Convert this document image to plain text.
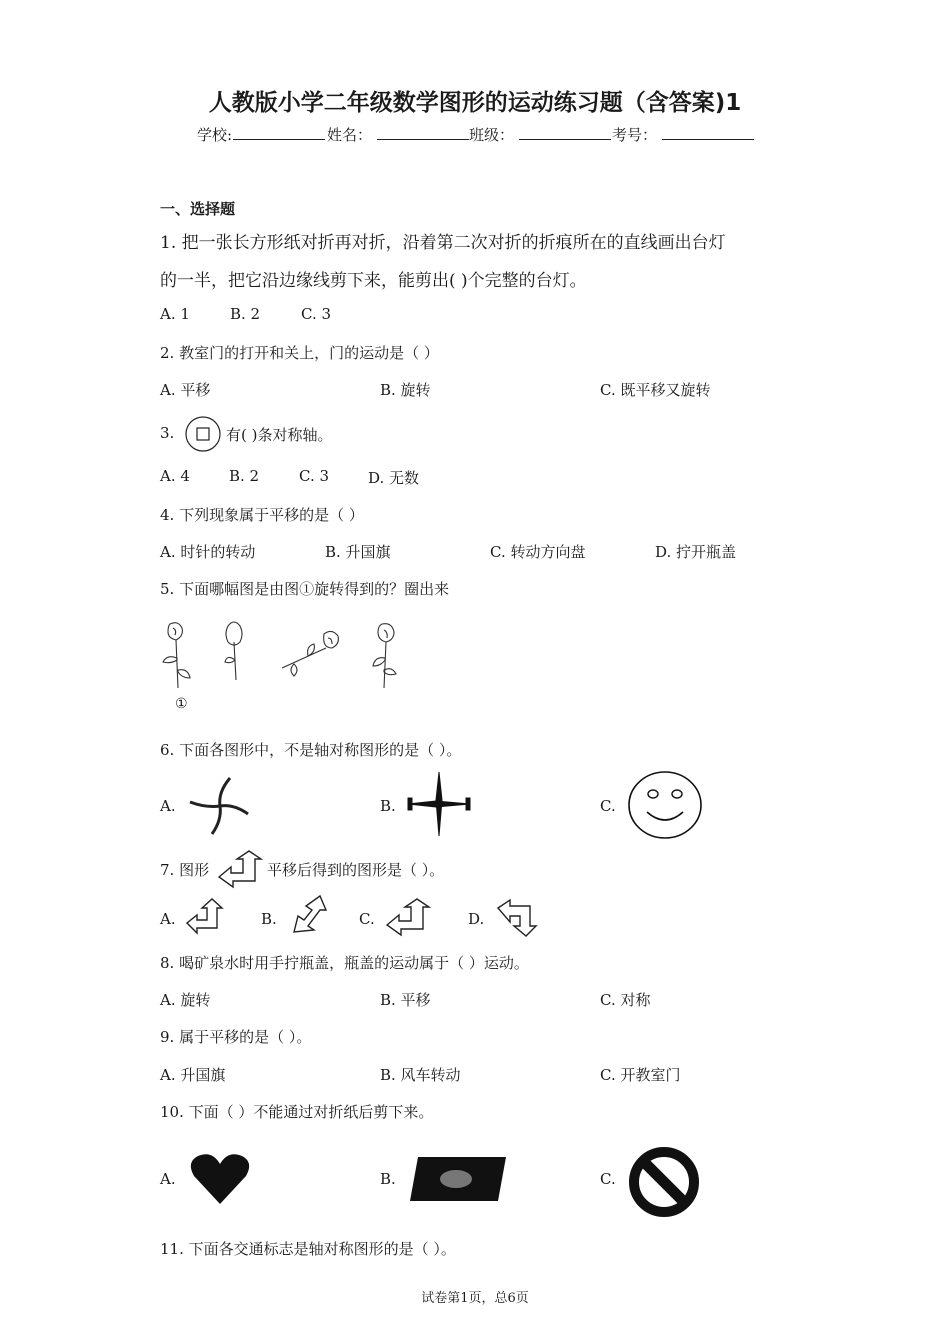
人教版小学二年级数学图形的运动练习题（含答案)1
学校:	姓名：	班级：	考号：
一、选择题
1. 把一张长方形纸对折再对折，沿着第二次对折的折痕所在的直线画出台灯
的一半，把它沿边缘线剪下来，能剪出( )个完整的台灯。
A. 1	B. 2	C. 3
2. 教室门的打开和关上，门的运动是（ ）
A. 平移	B. 旋转	C. 既平移又旋转
3.	有( )条对称轴。
A. 4	B. 2	C. 3	D. 无数
4. 下列现象属于平移的是（ ）
A. 时针的转动	B. 升国旗	C. 转动方向盘	D. 拧开瓶盖
5. 下面哪幅图是由图①旋转得到的？圈出来
①
6. 下面各图形中，不是轴对称图形的是（ ）。
A.	B.	C.
7. 图形	平移后得到的图形是（ ）。
A.	B.	C.	D.
8. 喝矿泉水时用手拧瓶盖，瓶盖的运动属于（ ）运动。
A. 旋转	B. 平移	C. 对称
9. 属于平移的是（ ）。
A. 升国旗	B. 风车转动	C. 开教室门
10. 下面（ ）不能通过对折纸后剪下来。
A.	B.	C.
11. 下面各交通标志是轴对称图形的是（ ）。
试卷第1页，总6页
